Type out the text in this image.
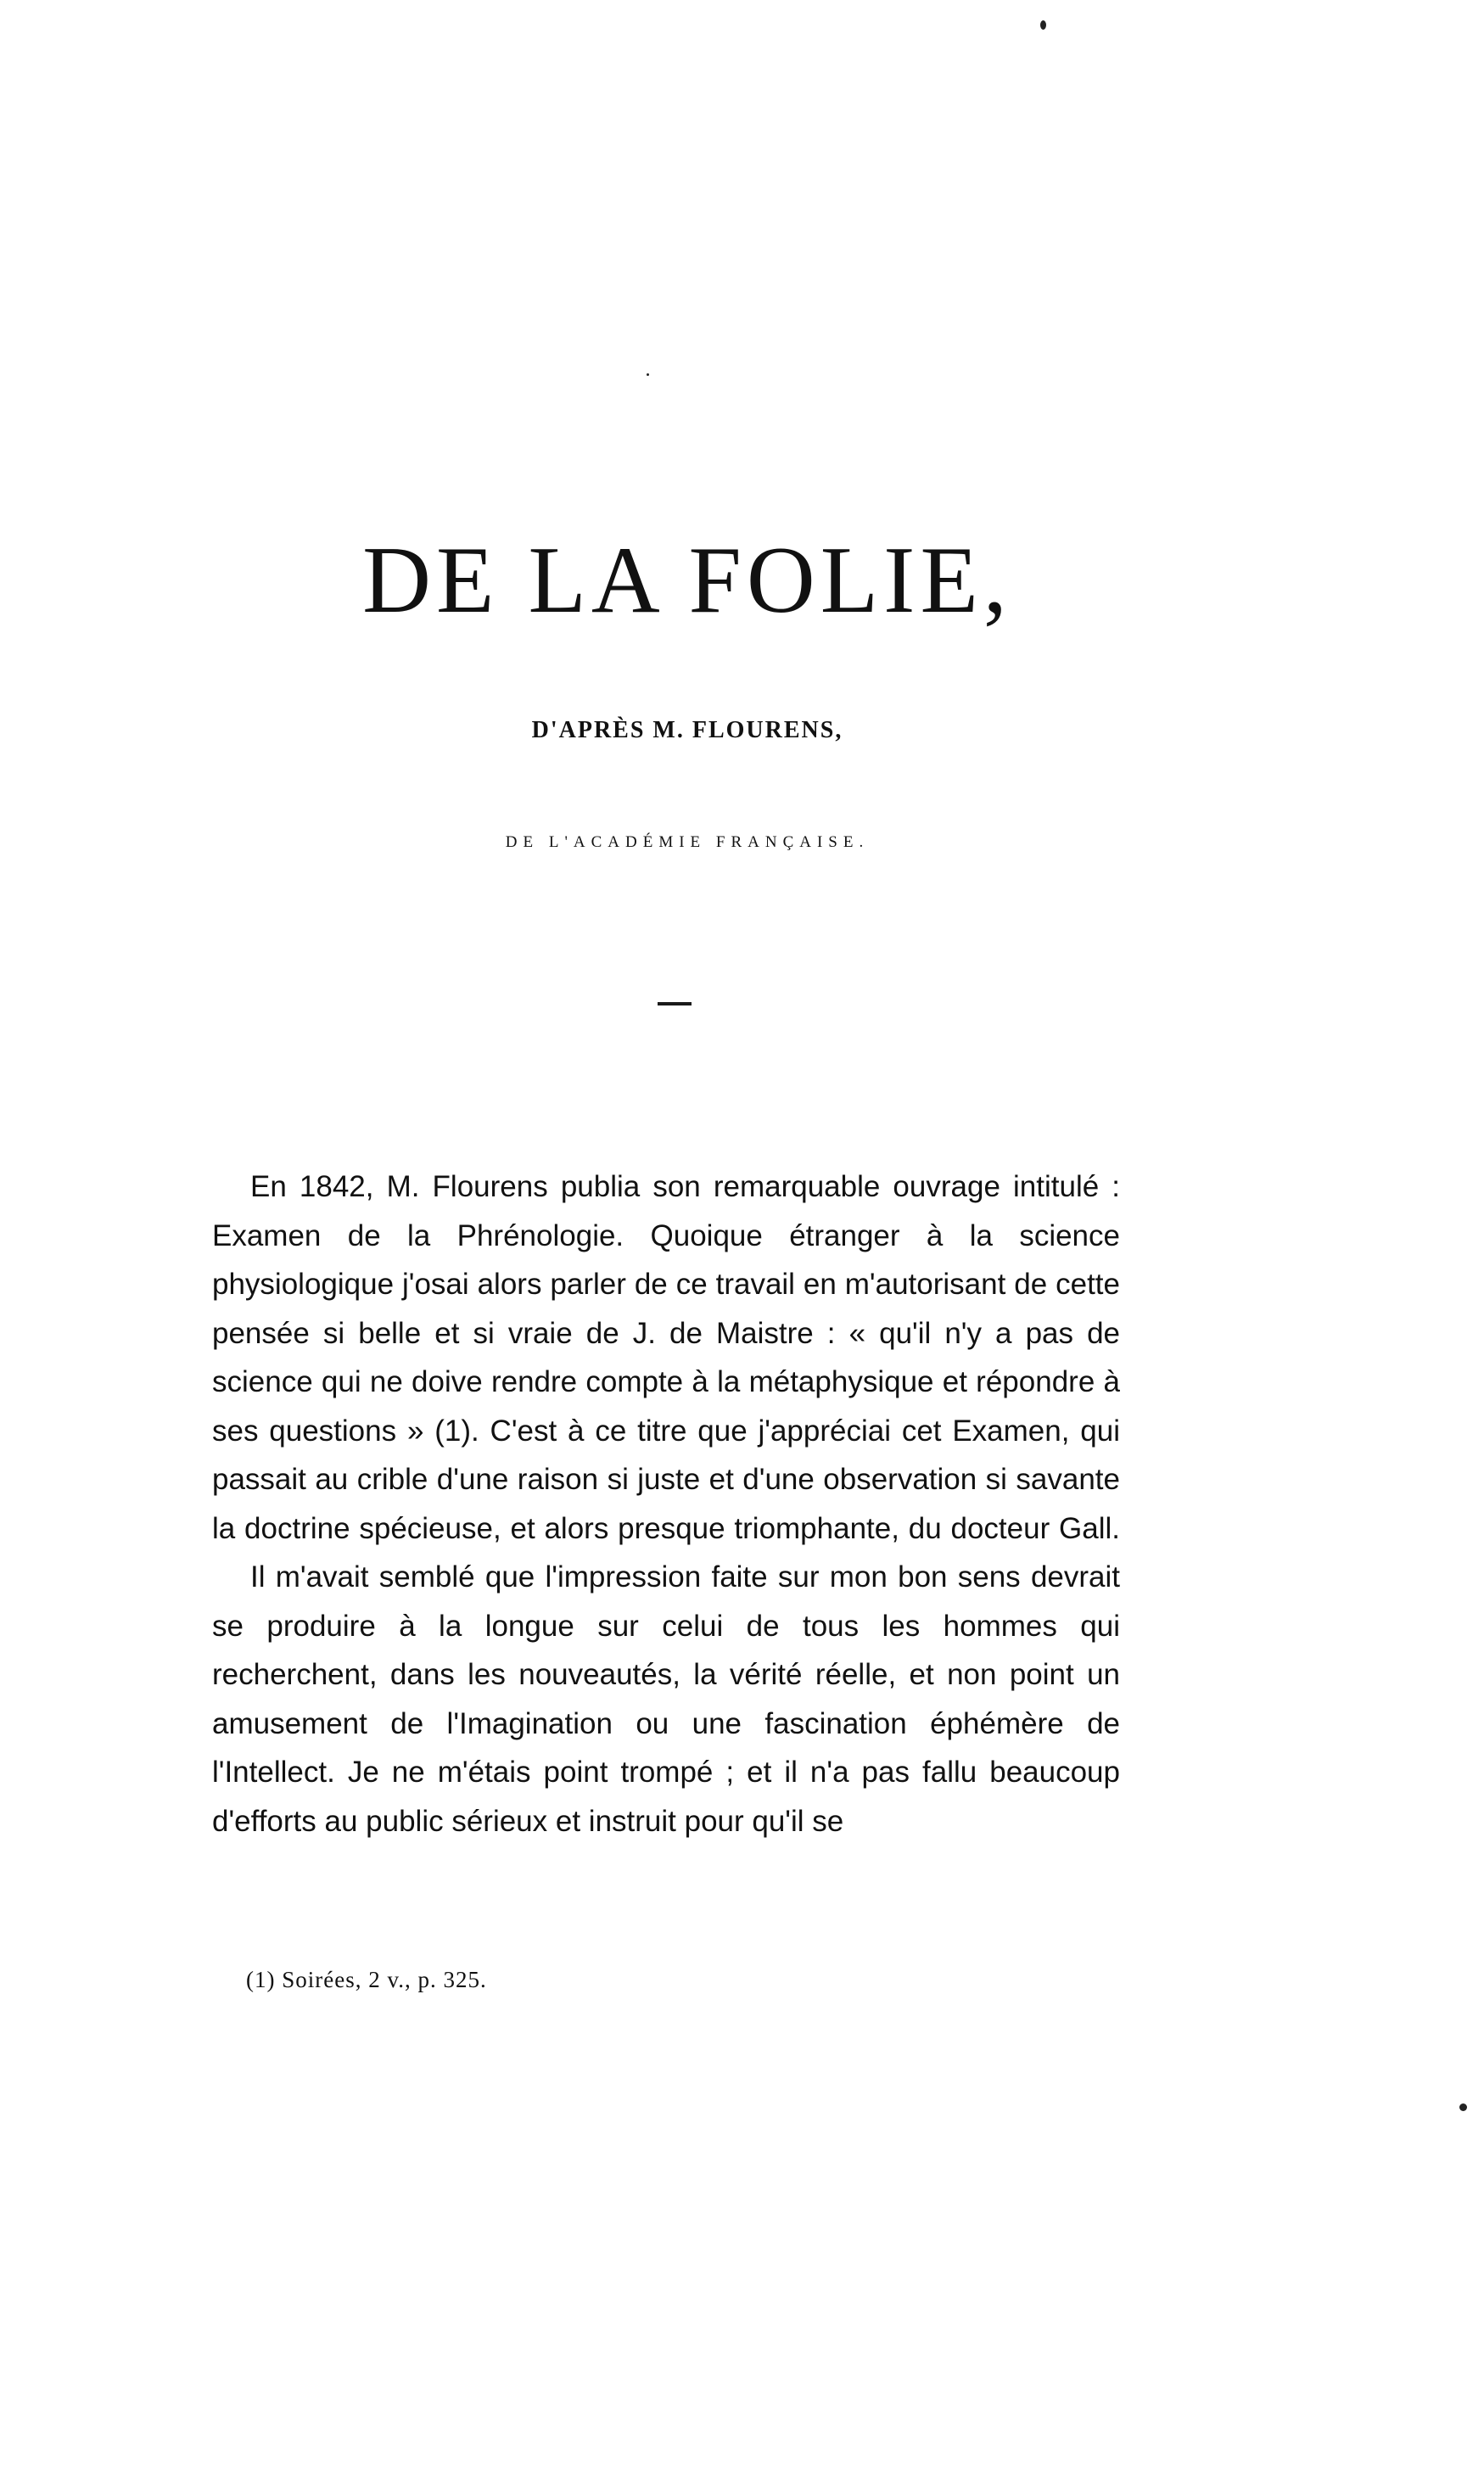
DE LA FOLIE,
D'APRÈS M. FLOURENS,
DE L'ACADÉMIE FRANÇAISE.

En 1842, M. Flourens publia son remarquable ouvrage intitulé : Examen de la Phrénologie. Quoique étranger à la science physiologique j'osai alors parler de ce travail en m'autorisant de cette pensée si belle et si vraie de J. de Maistre : « qu'il n'y a pas de science qui ne doive rendre compte à la métaphysique et répondre à ses questions » (1). C'est à ce titre que j'appréciai cet Examen, qui passait au crible d'une raison si juste et d'une observation si savante la doctrine spécieuse, et alors presque triomphante, du docteur Gall.

Il m'avait semblé que l'impression faite sur mon bon sens devrait se produire à la longue sur celui de tous les hommes qui recherchent, dans les nouveautés, la vérité réelle, et non point un amusement de l'Imagination ou une fascination éphémère de l'Intellect. Je ne m'étais point trompé ; et il n'a pas fallu beaucoup d'efforts au public sérieux et instruit pour qu'il se

(1) Soirées, 2 v., p. 325.
